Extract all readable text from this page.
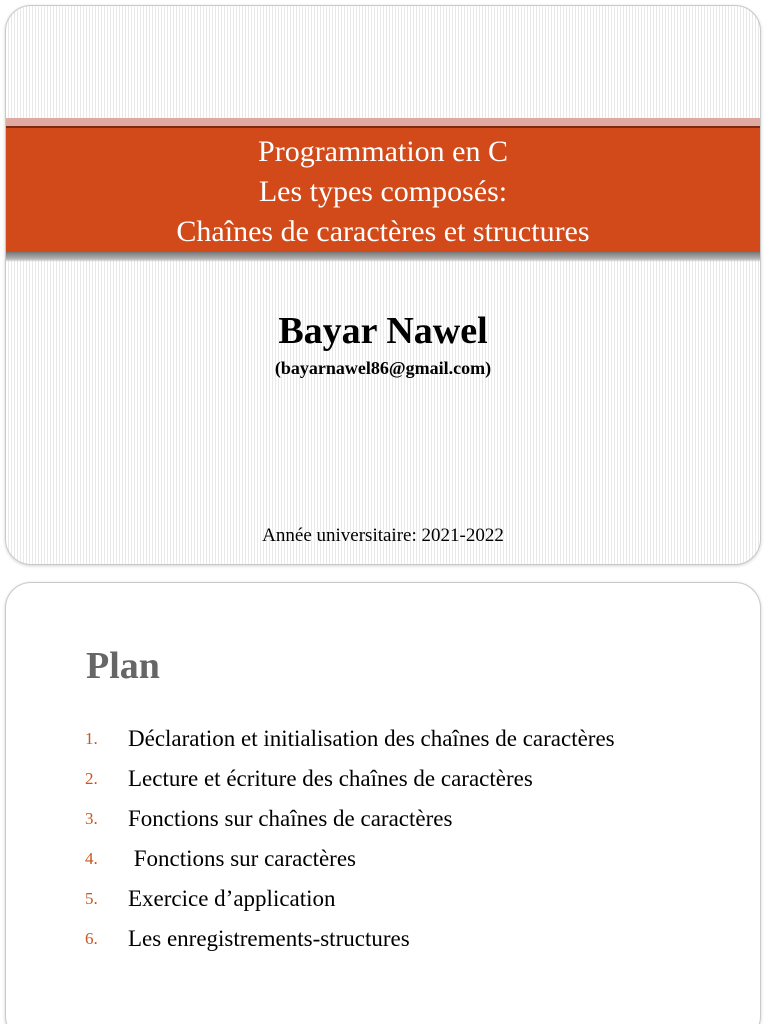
Programmation en C
Les types composés:
Chaînes de caractères et structures
Bayar Nawel
(bayarnawel86@gmail.com)
Année universitaire: 2021-2022
Plan
1. Déclaration et initialisation des chaînes de caractères
2. Lecture et écriture des chaînes de caractères
3. Fonctions sur chaînes de caractères
4. Fonctions sur caractères
5. Exercice d’application
6. Les enregistrements-structures
